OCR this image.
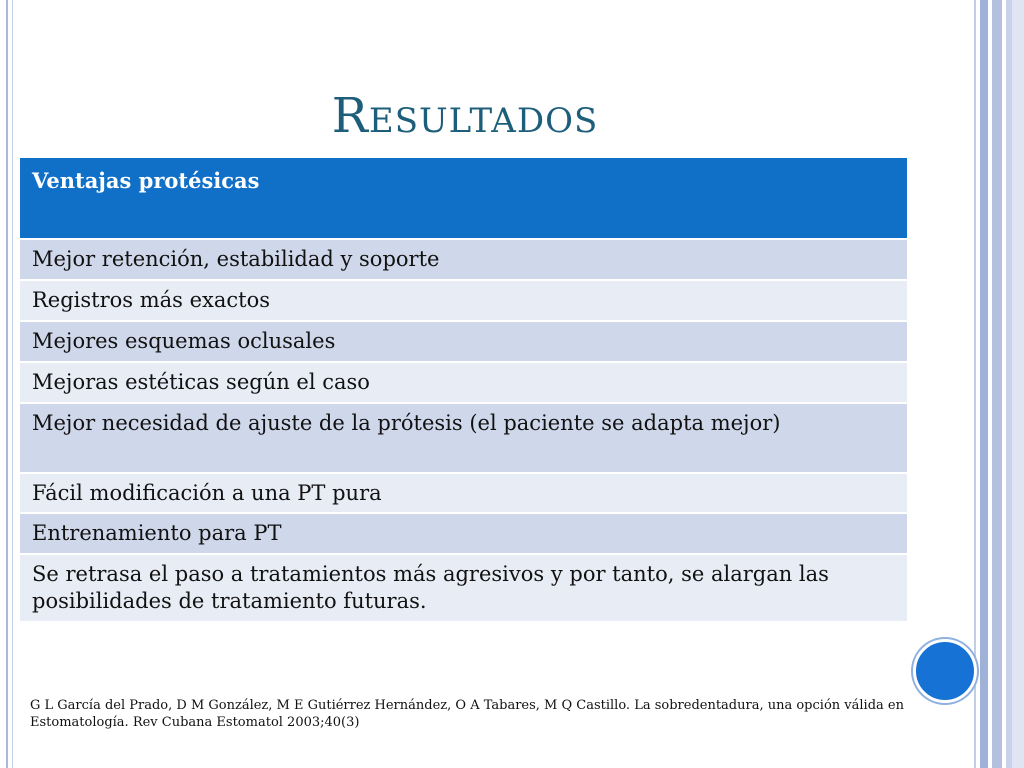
Resultados
Ventajas protésicas
Mejor retención, estabilidad y soporte
Registros más exactos
Mejores esquemas oclusales
Mejoras estéticas según el caso
Mejor necesidad de ajuste de la prótesis (el paciente se adapta mejor)
Fácil modificación a una PT pura
Entrenamiento para PT
Se retrasa el paso a tratamientos más agresivos y por tanto, se alargan las posibilidades de tratamiento futuras.
G L García del Prado, D M González, M E Gutiérrez Hernández, O A Tabares, M Q Castillo. La sobredentadura, una opción válida en Estomatología. Rev Cubana Estomatol 2003;40(3)
